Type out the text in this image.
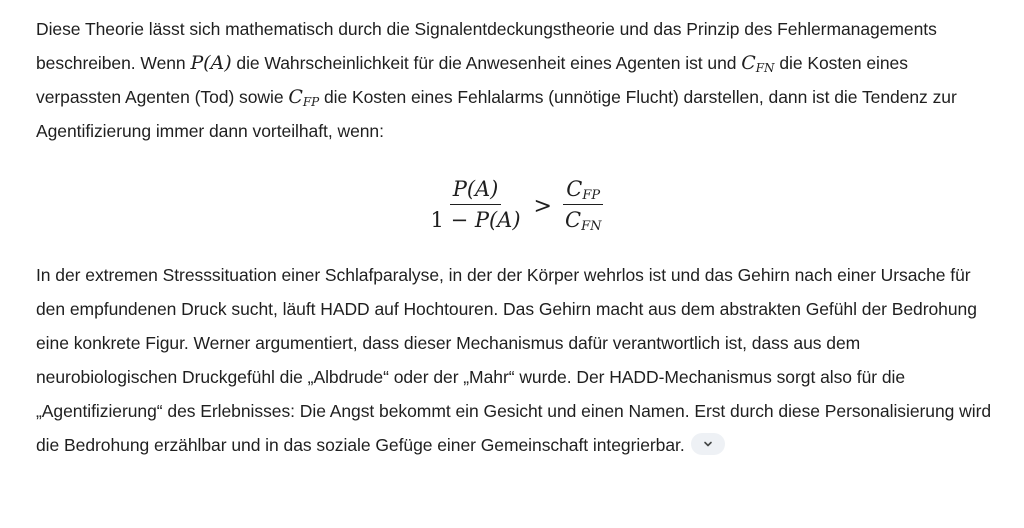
Diese Theorie lässt sich mathematisch durch die Signalentdeckungstheorie und das Prinzip des Fehlermanagements beschreiben. Wenn P(A) die Wahrscheinlichkeit für die Anwesenheit eines Agenten ist und $C_{FN}$ die Kosten eines verpassten Agenten (Tod) sowie $C_{FP}$ die Kosten eines Fehlalarms (unnötige Flucht) darstellen, dann ist die Tendenz zur Agentifizierung immer dann vorteilhaft, wenn:

$\frac{P(A)}{1 - P(A)} > \frac{C_{FP}}{C_{FN}}$

In der extremen Stresssituation einer Schlafparalyse, in der der Körper wehrlos ist und das Gehirn nach einer Ursache für den empfundenen Druck sucht, läuft HADD auf Hochtouren. Das Gehirn macht aus dem abstrakten Gefühl der Bedrohung eine konkrete Figur. Werner argumentiert, dass dieser Mechanismus dafür verantwortlich ist, dass aus dem neurobiologischen Druckgefühl die „Albdrude“ oder der „Mahr“ wurde. Der HADD-Mechanismus sorgt also für die „Agentifizierung“ des Erlebnisses: Die Angst bekommt ein Gesicht und einen Namen. Erst durch diese Personalisierung wird die Bedrohung erzählbar und in das soziale Gefüge einer Gemeinschaft integrierbar.
